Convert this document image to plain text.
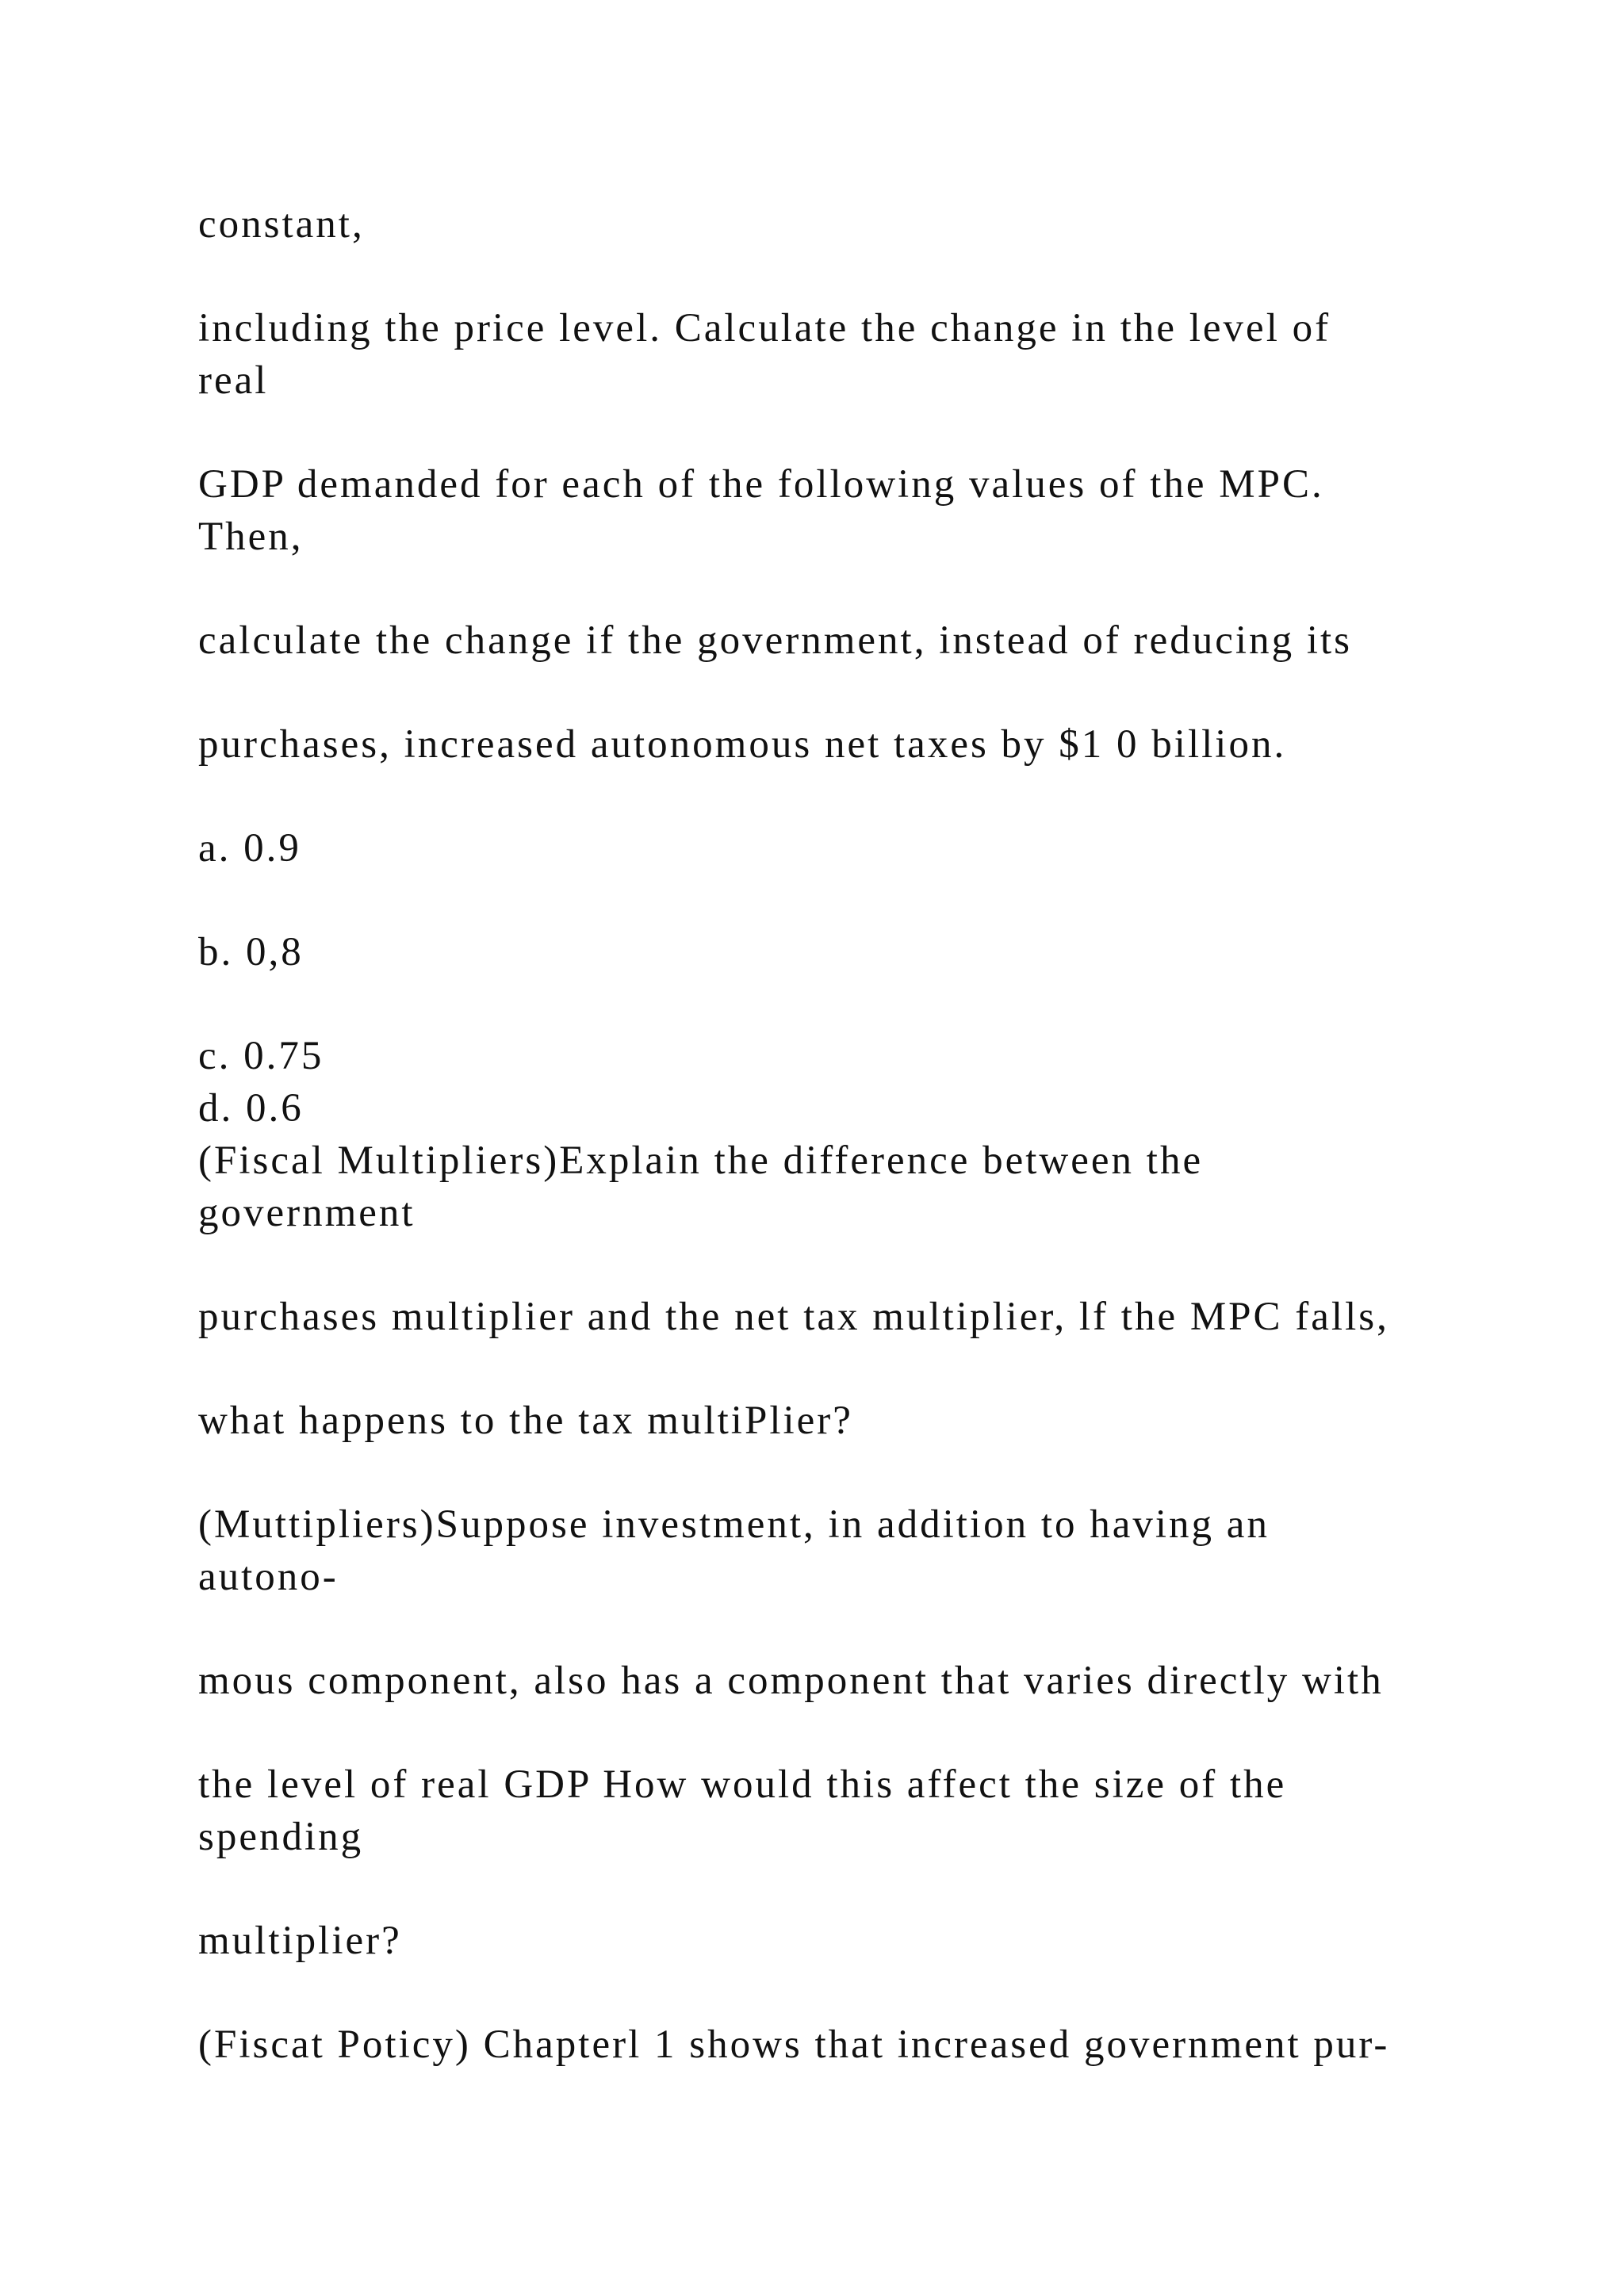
constant,

including the price level. Calculate the change in the level of

real

GDP demanded for each of the following values of the MPC.

Then,

calculate the change if the government, instead of reducing its

purchases, increased autonomous net taxes by $1 0 billion.

a. 0.9

b. 0,8

c. 0.75

d. 0.6

(Fiscal Multipliers)Explain the difference between the

government

purchases multiplier and the net tax multiplier, lf the MPC falls,

what happens to the tax multiPlier?

(Muttipliers)Suppose investment, in addition to having an

autono-

mous component, also has a component that varies directly with

the level of real GDP How would this affect the size of the

spending

multiplier?

(Fiscat Poticy) Chapterl 1 shows that increased government pur-
